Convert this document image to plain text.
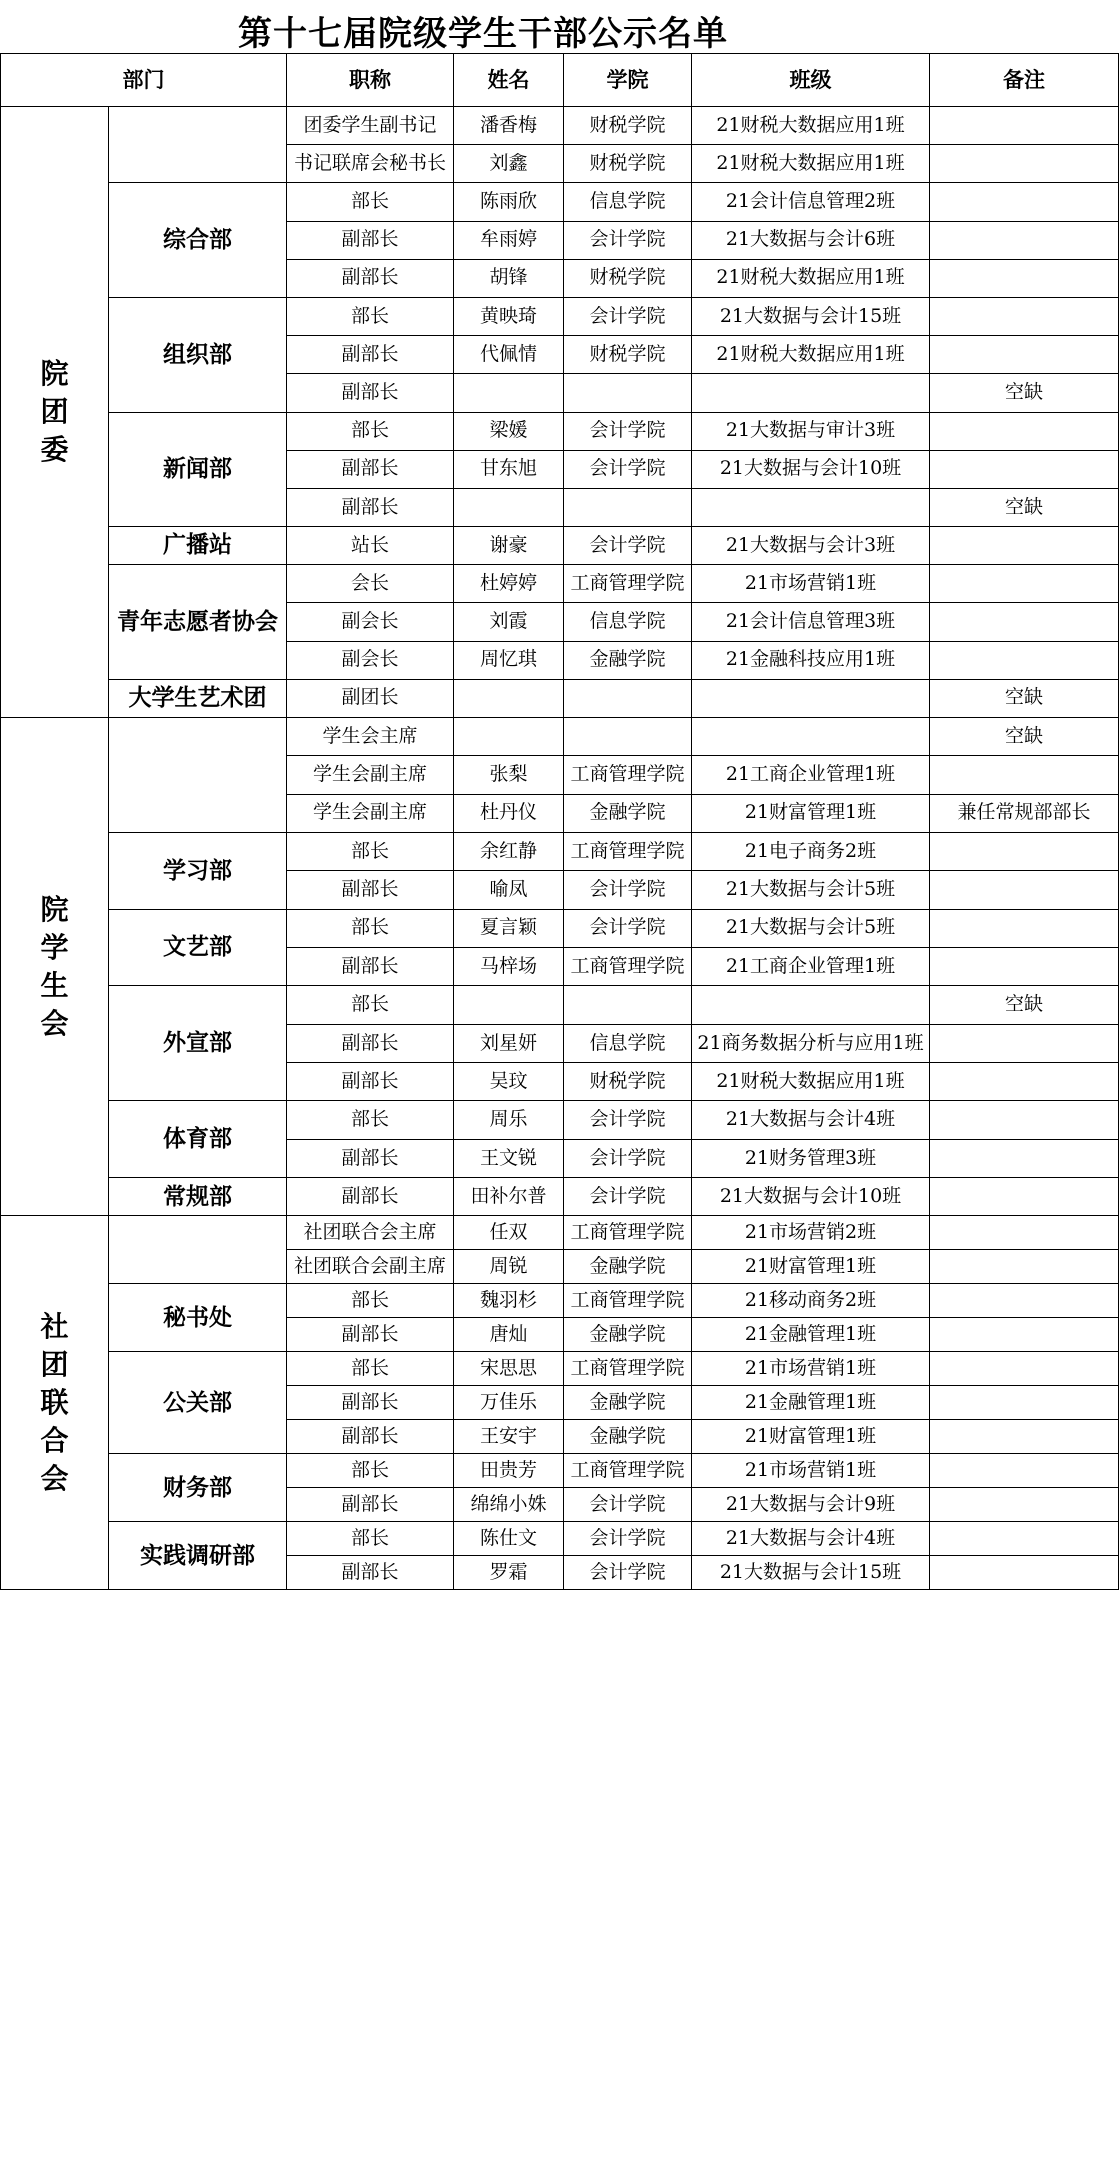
第十七届院级学生干部公示名单
部门		职称	姓名	学院	班级	备注
院团委		团委学生副书记	潘香梅	财税学院	21财税大数据应用1班	
		书记联席会秘书长	刘鑫	财税学院	21财税大数据应用1班	
	综合部	部长	陈雨欣	信息学院	21会计信息管理2班	
		副部长	牟雨婷	会计学院	21大数据与会计6班	
		副部长	胡锋	财税学院	21财税大数据应用1班	
	组织部	部长	黄映琦	会计学院	21大数据与会计15班	
		副部长	代佩情	财税学院	21财税大数据应用1班	
		副部长				空缺
	新闻部	部长	梁媛	会计学院	21大数据与审计3班	
		副部长	甘东旭	会计学院	21大数据与会计10班	
		副部长				空缺
	广播站	站长	谢豪	会计学院	21大数据与会计3班	
	青年志愿者协会	会长	杜婷婷	工商管理学院	21市场营销1班	
		副会长	刘霞	信息学院	21会计信息管理3班	
		副会长	周忆琪	金融学院	21金融科技应用1班	
	大学生艺术团	副团长				空缺
院学生会		学生会主席				空缺
		学生会副主席	张梨	工商管理学院	21工商企业管理1班	
		学生会副主席	杜丹仪	金融学院	21财富管理1班	兼任常规部部长
	学习部	部长	余红静	工商管理学院	21电子商务2班	
		副部长	喻凤	会计学院	21大数据与会计5班	
	文艺部	部长	夏言颖	会计学院	21大数据与会计5班	
		副部长	马梓场	工商管理学院	21工商企业管理1班	
	外宣部	部长				空缺
		副部长	刘星妍	信息学院	21商务数据分析与应用1班	
		副部长	吴玟	财税学院	21财税大数据应用1班	
	体育部	部长	周乐	会计学院	21大数据与会计4班	
		副部长	王文锐	会计学院	21财务管理3班	
	常规部	副部长	田补尔普	会计学院	21大数据与会计10班	
社团联合会		社团联合会主席	任双	工商管理学院	21市场营销2班	
		社团联合会副主席	周锐	金融学院	21财富管理1班	
	秘书处	部长	魏羽杉	工商管理学院	21移动商务2班	
		副部长	唐灿	金融学院	21金融管理1班	
	公关部	部长	宋思思	工商管理学院	21市场营销1班	
		副部长	万佳乐	金融学院	21金融管理1班	
		副部长	王安宇	金融学院	21财富管理1班	
	财务部	部长	田贵芳	工商管理学院	21市场营销1班	
		副部长	绵绵小姝	会计学院	21大数据与会计9班	
	实践调研部	部长	陈仕文	会计学院	21大数据与会计4班	
		副部长	罗霜	会计学院	21大数据与会计15班	
